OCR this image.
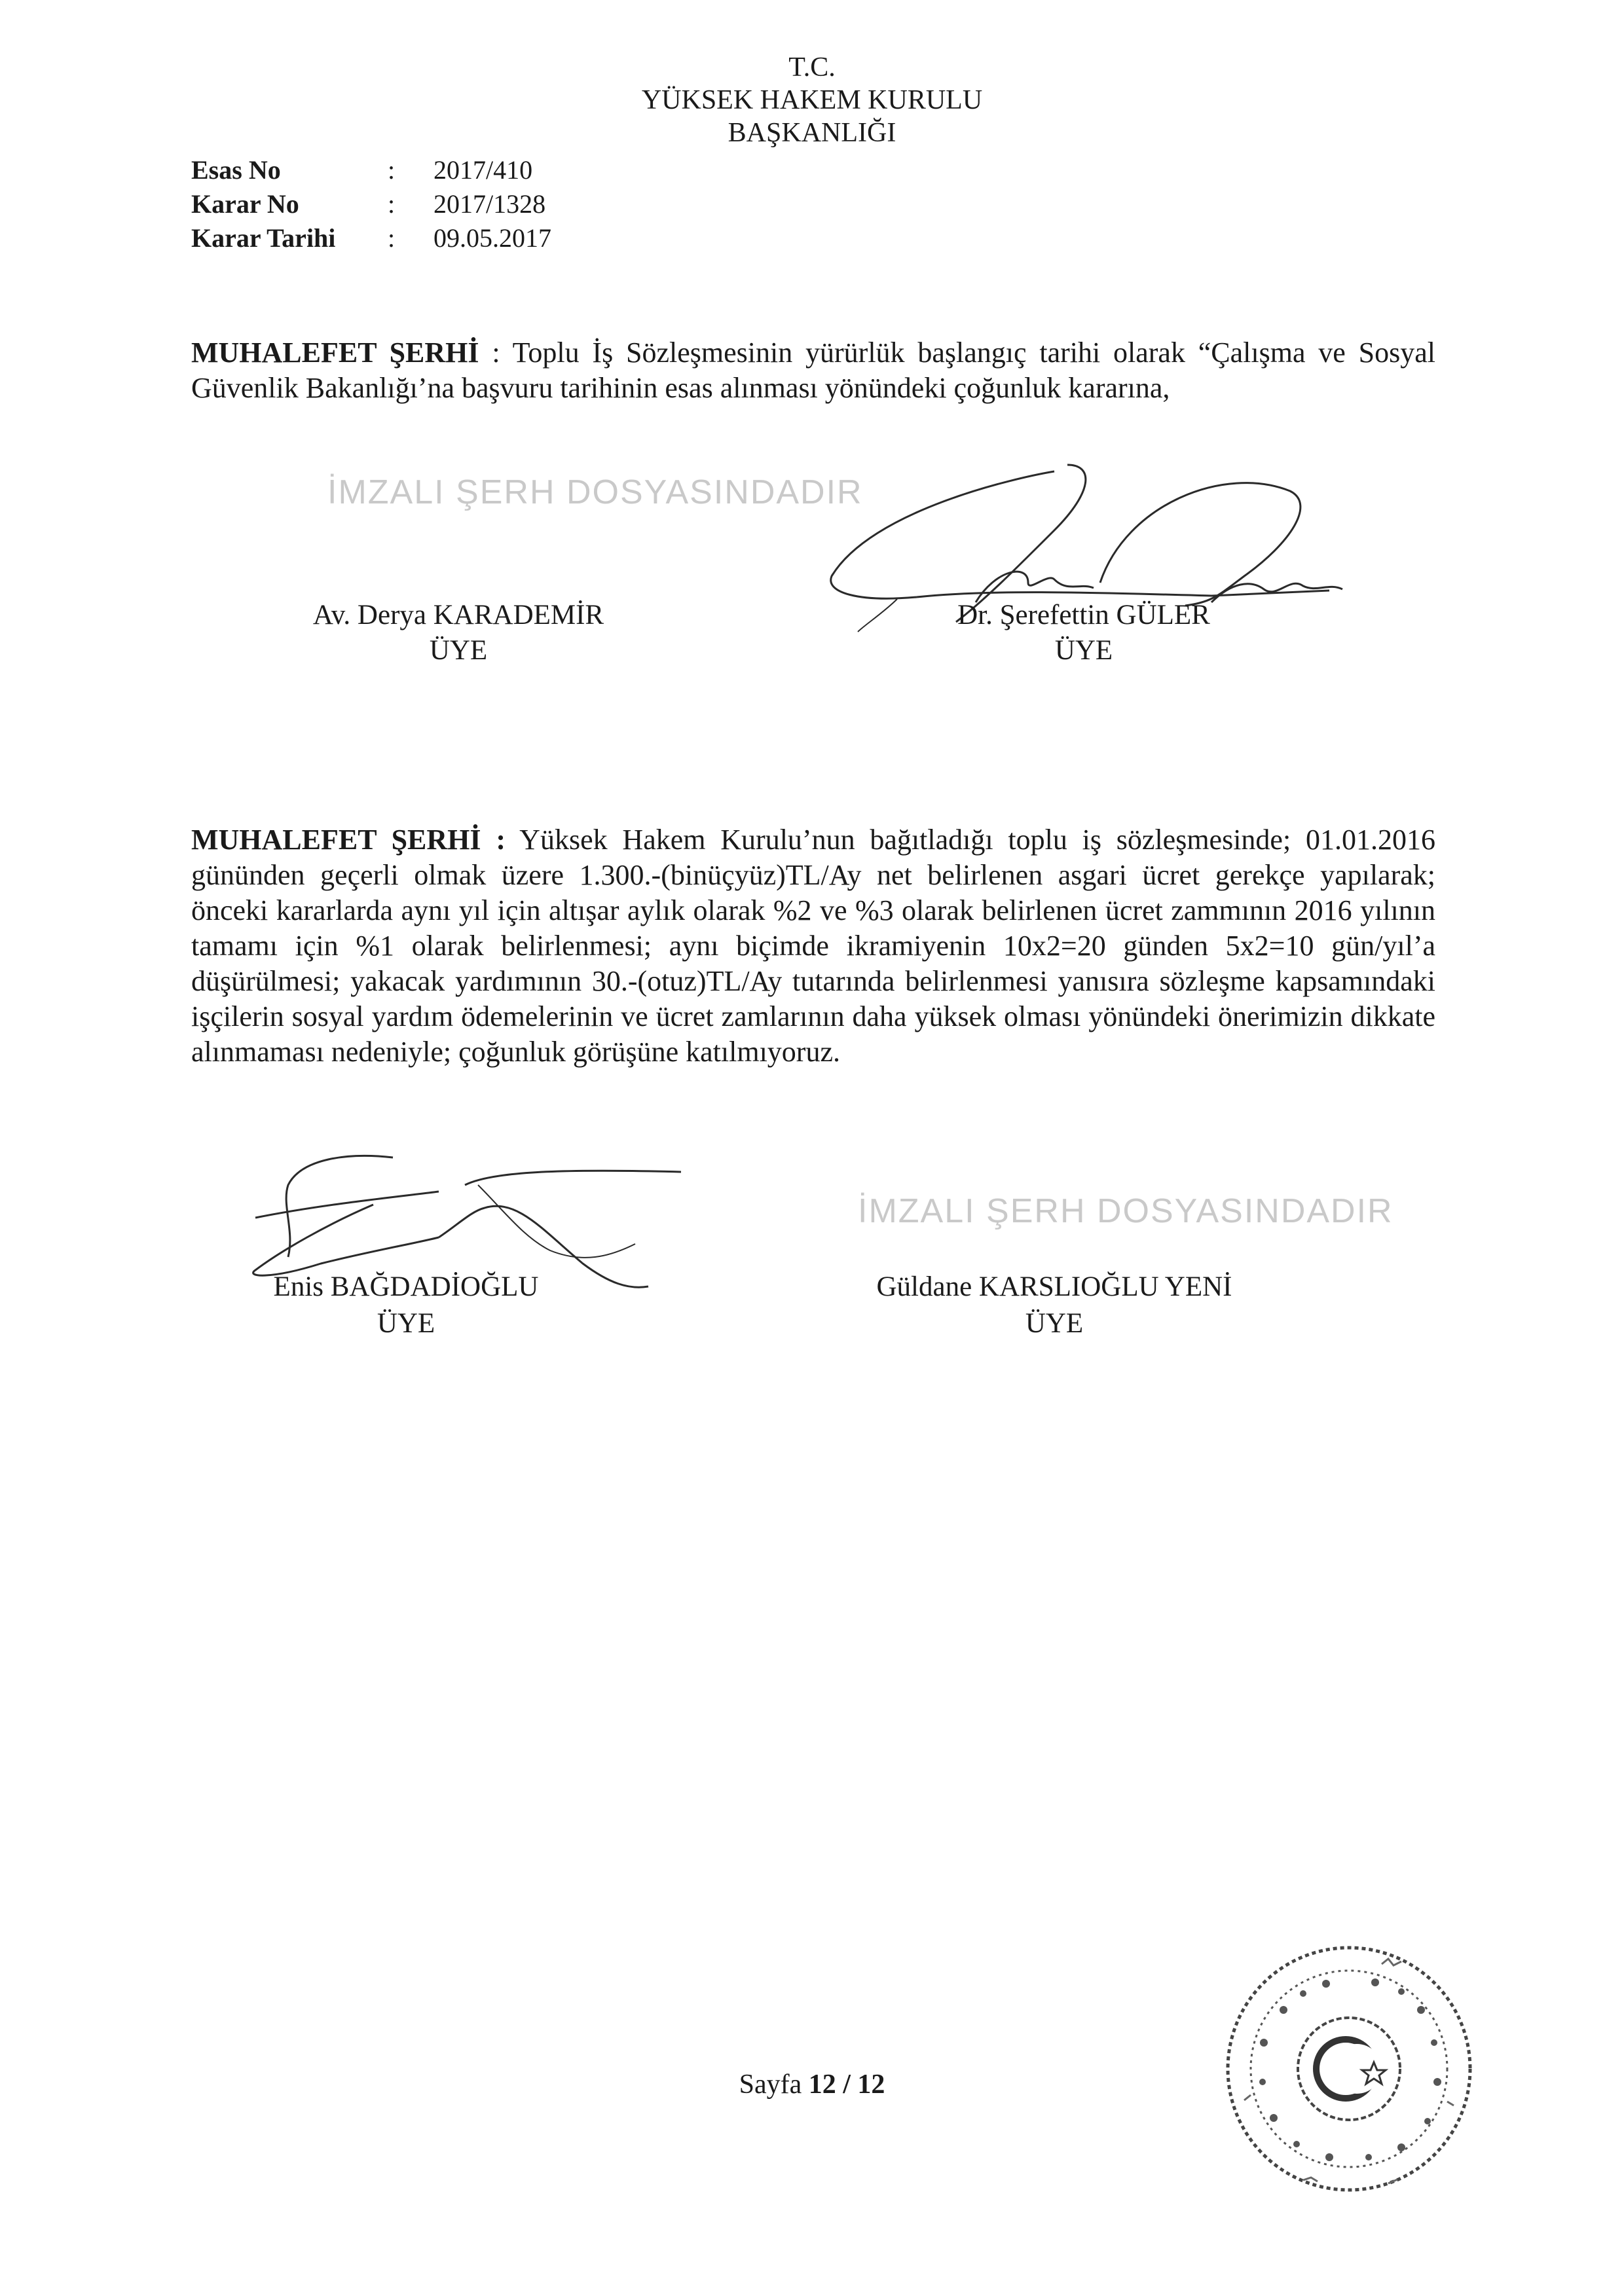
T.C.
YÜKSEK HAKEM KURULU
BAŞKANLIĞI
Esas No	: 2017/410
Karar No	: 2017/1328
Karar Tarihi : 09.05.2017
MUHALEFET ŞERHİ : Toplu İş Sözleşmesinin yürürlük başlangıç tarihi olarak “Çalışma ve Sosyal Güvenlik Bakanlığı’na başvuru tarihinin esas alınması yönündeki çoğunluk kararına,
İMZALI ŞERH DOSYASINDADIR
Av. Derya KARADEMİR
ÜYE
Dr. Şerefettin GÜLER
ÜYE
MUHALEFET ŞERHİ : Yüksek Hakem Kurulu’nun bağıtladığı toplu iş sözleşmesinde; 01.01.2016 gününden geçerli olmak üzere 1.300.-(binüçyüz)TL/Ay net belirlenen asgari ücret gerekçe yapılarak; önceki kararlarda aynı yıl için altışar aylık olarak %2 ve %3 olarak belirlenen ücret zammının 2016 yılının tamamı için %1 olarak belirlenmesi; aynı biçimde ikramiyenin 10x2=20 günden 5x2=10 gün/yıl’a düşürülmesi; yakacak yardımının 30.-(otuz)TL/Ay tutarında belirlenmesi yanısıra sözleşme kapsamındaki işçilerin sosyal yardım ödemelerinin ve ücret zamlarının daha yüksek olması yönündeki önerimizin dikkate alınmaması nedeniyle; çoğunluk görüşüne katılmıyoruz.
İMZALI ŞERH DOSYASINDADIR
Enis BAĞDADİOĞLU
ÜYE
Güldane KARSLIOĞLU YENİ
ÜYE
Sayfa 12 / 12
